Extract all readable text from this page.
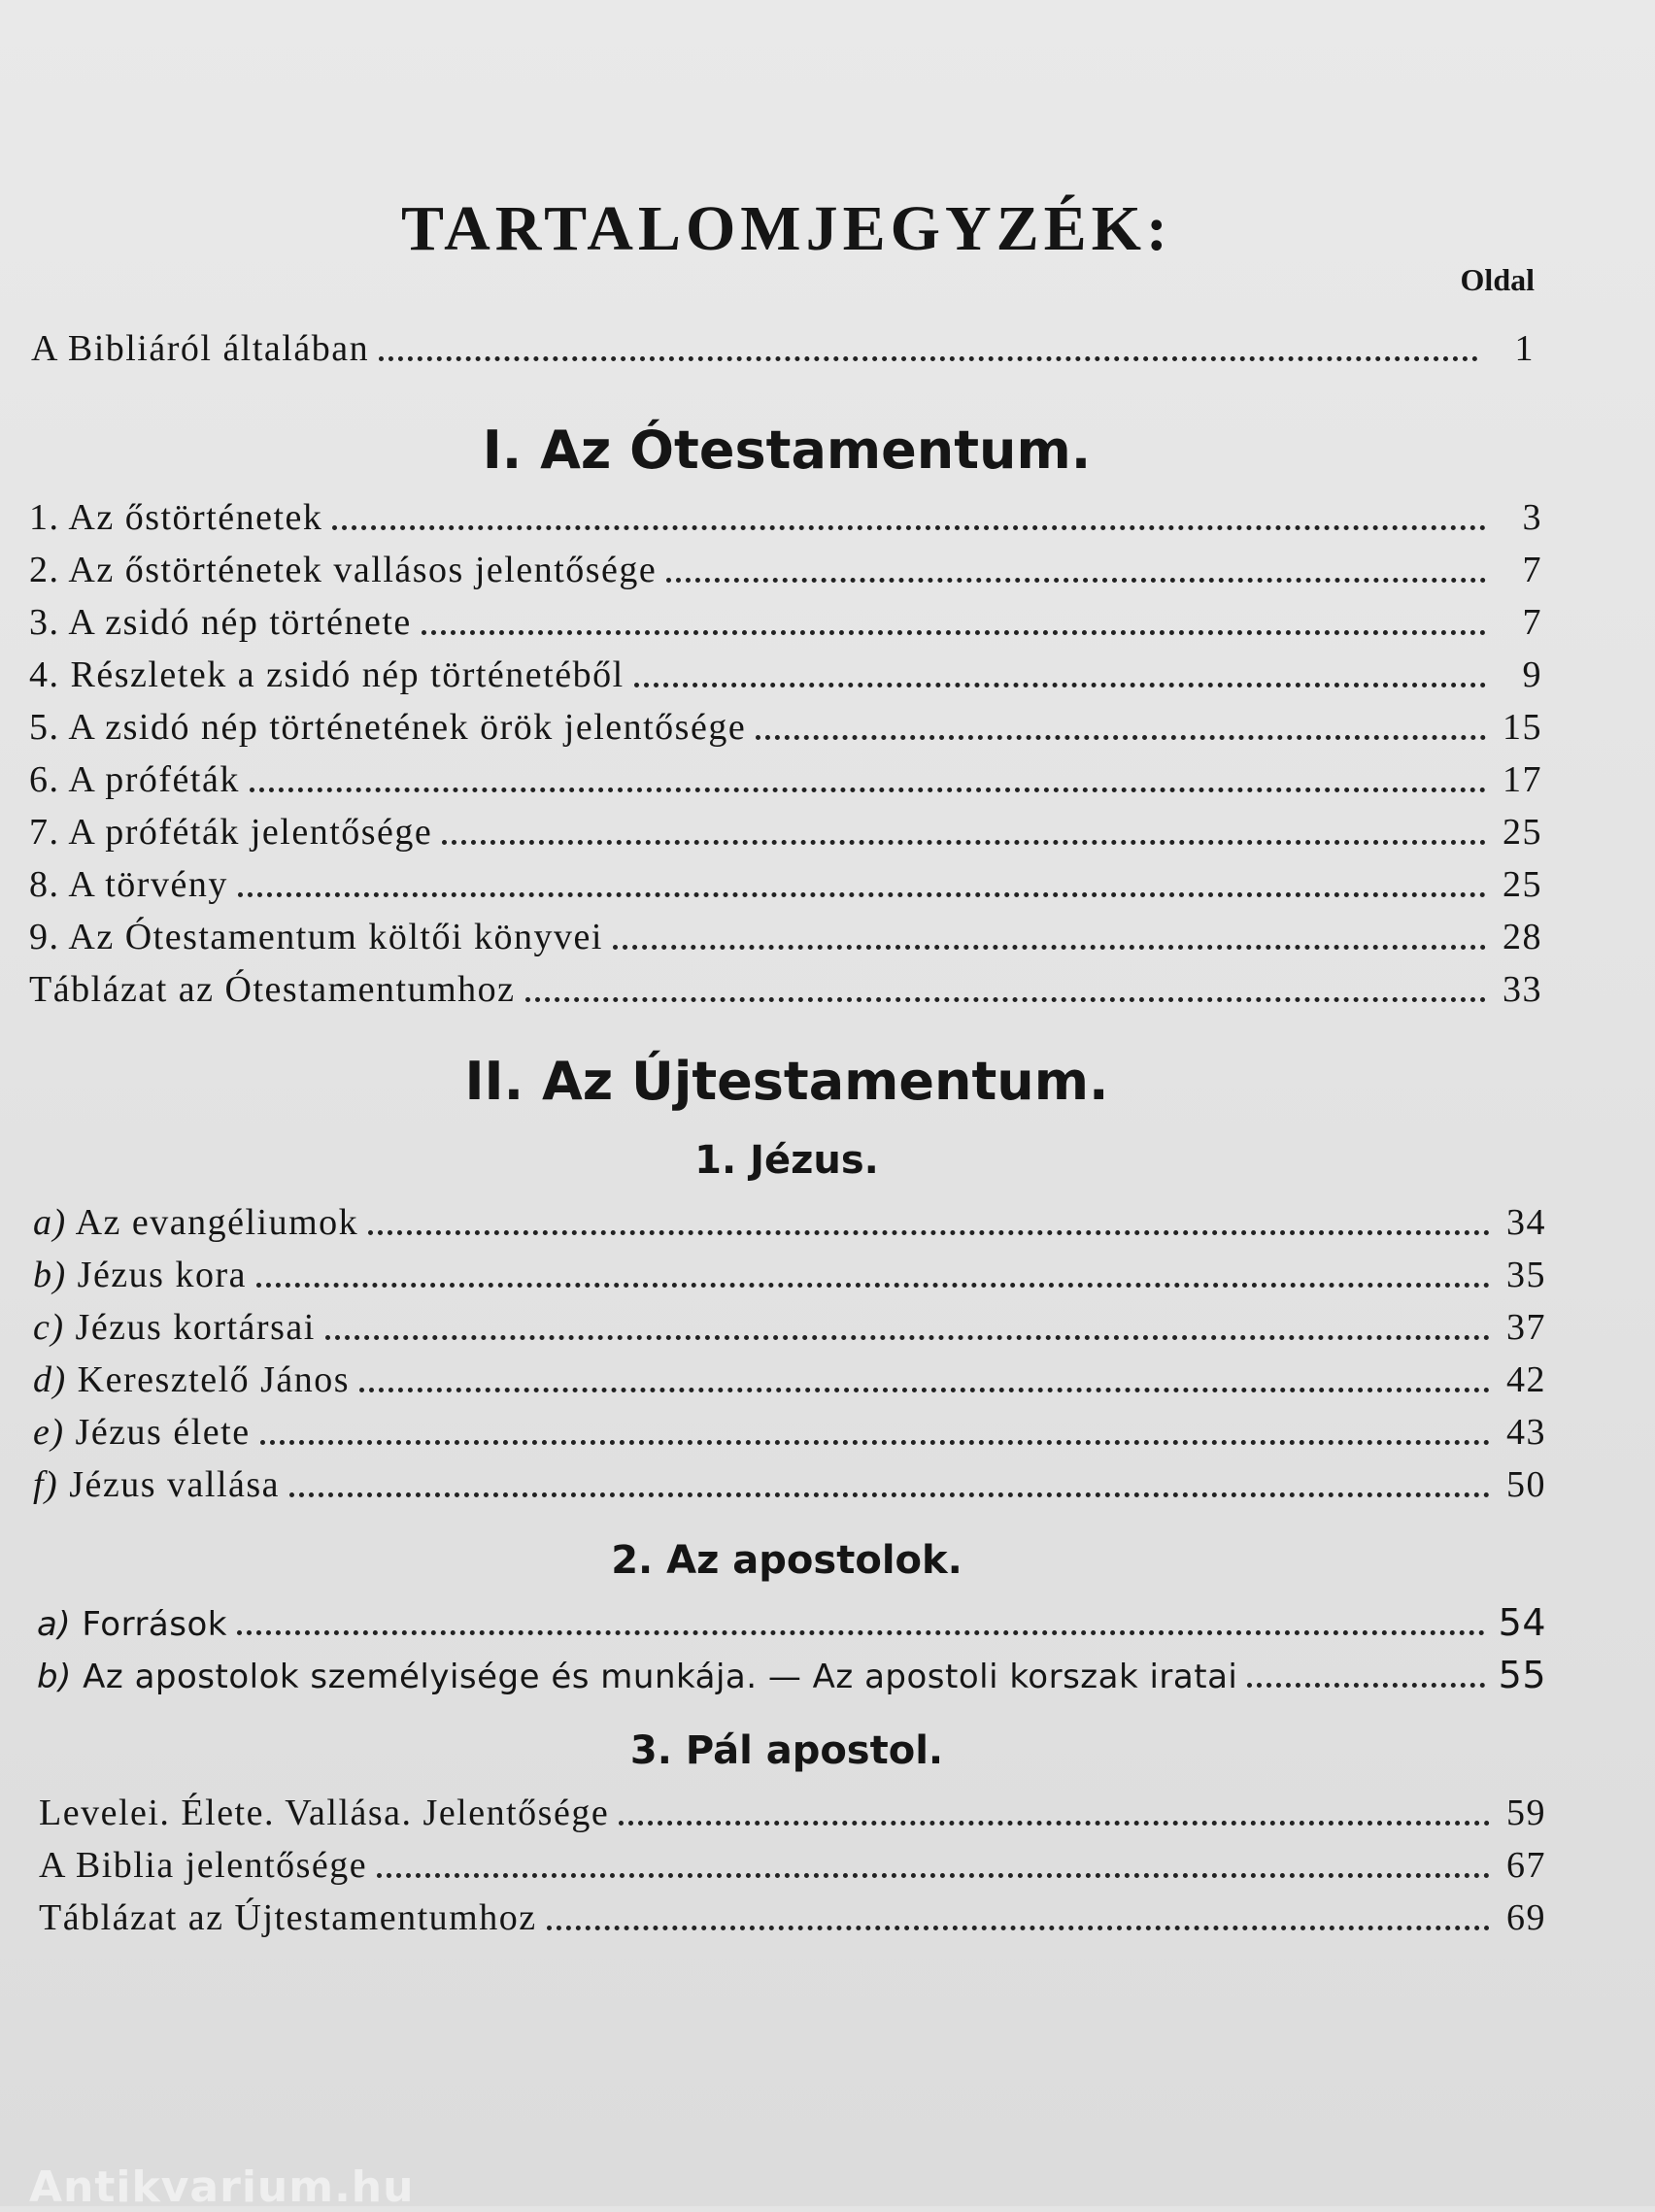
TARTALOMJEGYZÉK:
Oldal
A Bibliáról általában	1
I. Az Ótestamentum.
1. Az őstörténetek	3
2. Az őstörténetek vallásos jelentősége	7
3. A zsidó nép története	7
4. Részletek a zsidó nép történetéből	9
5. A zsidó nép történetének örök jelentősége	15
6. A próféták	17
7. A próféták jelentősége	25
8. A törvény	25
9. Az Ótestamentum költői könyvei	28
Táblázat az Ótestamentumhoz	33
II. Az Újtestamentum.
1. Jézus.
a) Az evangéliumok	34
b) Jézus kora	35
c) Jézus kortársai	37
d) Keresztelő János	42
e) Jézus élete	43
f) Jézus vallása	50
2. Az apostolok.
a) Források	54
b) Az apostolok személyisége és munkája. — Az apostoli korszak iratai	55
3. Pál apostol.
Levelei. Élete. Vallása. Jelentősége	59
A Biblia jelentősége	67
Táblázat az Újtestamentumhoz	69
Antikvarium.hu
